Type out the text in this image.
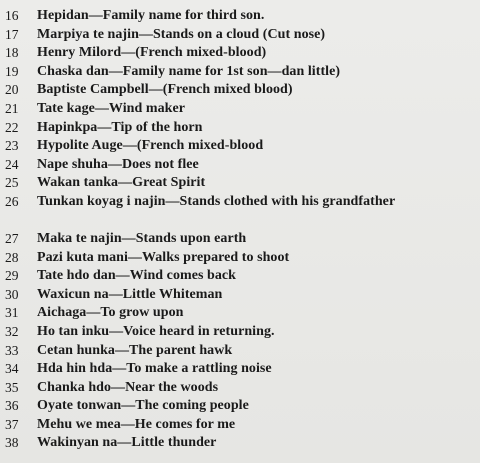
16	Hepidan—Family name for third son.
17	Marpiya te najin—Stands on a cloud (Cut nose)
18	Henry Milord—(French mixed-blood)
19	Chaska dan—Family name for 1st son—dan little)
20	Baptiste Campbell—(French mixed blood)
21	Tate kage—Wind maker
22	Hapinkpa—Tip of the horn
23	Hypolite Auge—(French mixed-blood
24	Nape shuha—Does not flee
25	Wakan tanka—Great Spirit
26	Tunkan koyag i najin—Stands clothed with his grandfather
27	Maka te najin—Stands upon earth
28	Pazi kuta mani—Walks prepared to shoot
29	Tate hdo dan—Wind comes back
30	Waxicun na—Little Whiteman
31	Aichaga—To grow upon
32	Ho tan inku—Voice heard in returning.
33	Cetan hunka—The parent hawk
34	Hda hin hda—To make a rattling noise
35	Chanka hdo—Near the woods
36	Oyate tonwan—The coming people
37	Mehu we mea—He comes for me
38	Wakinyan na—Little thunder
